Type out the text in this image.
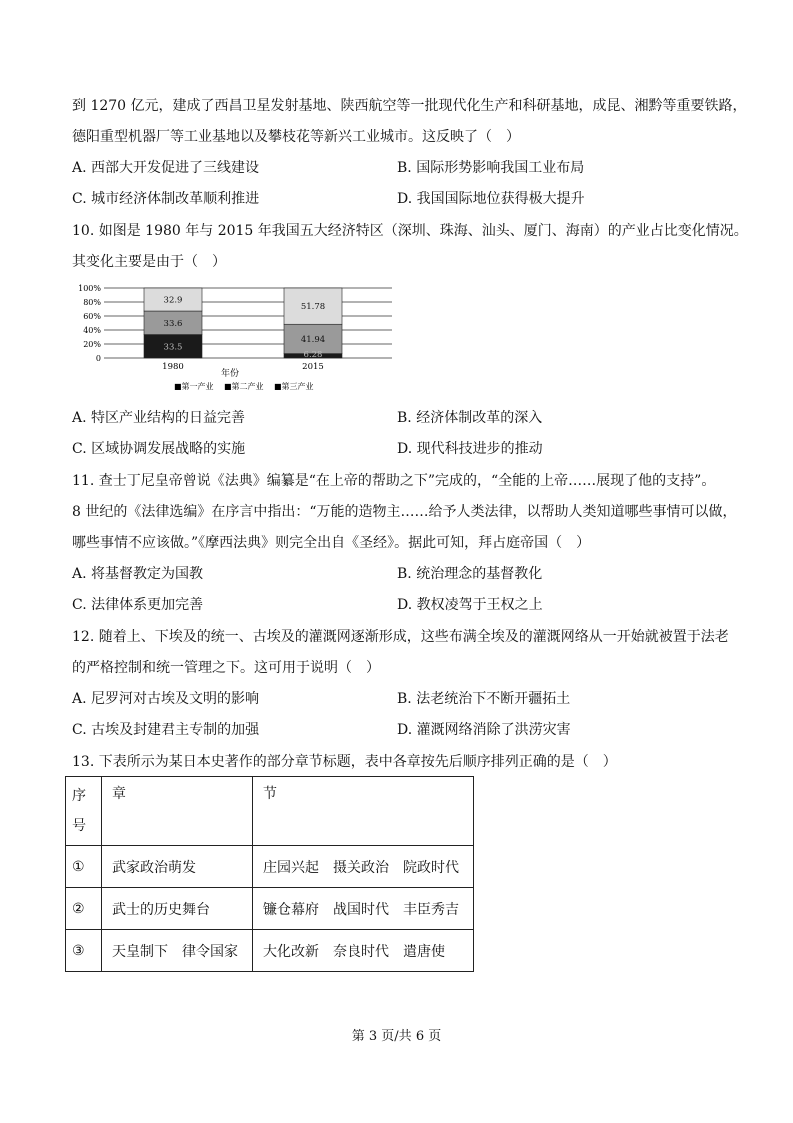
到 1270 亿元，建成了西昌卫星发射基地、陕西航空等一批现代化生产和科研基地，成昆、湘黔等重要铁路，
德阳重型机器厂等工业基地以及攀枝花等新兴工业城市。这反映了（　）
A. 西部大开发促进了三线建设	B. 国际形势影响我国工业布局
C. 城市经济体制改革顺利推进	D. 我国国际地位获得极大提升
10. 如图是 1980 年与 2015 年我国五大经济特区（深圳、珠海、汕头、厦门、海南）的产业占比变化情况。
其变化主要是由于（　）
100%
80%
60%
40%
20%
0
33.5
33.6
32.9
6.28
41.94
51.78
1980	2015
年份
■第一产业 ■第二产业 ■第三产业
A. 特区产业结构的日益完善	B. 经济体制改革的深入
C. 区域协调发展战略的实施	D. 现代科技进步的推动
11. 查士丁尼皇帝曾说《法典》编纂是“在上帝的帮助之下”完成的，“全能的上帝……展现了他的支持”。
8 世纪的《法律选编》在序言中指出：“万能的造物主……给予人类法律，以帮助人类知道哪些事情可以做，
哪些事情不应该做。”《摩西法典》则完全出自《圣经》。据此可知，拜占庭帝国（　）
A. 将基督教定为国教	B. 统治理念的基督教化
C. 法律体系更加完善	D. 教权凌驾于王权之上
12. 随着上、下埃及的统一、古埃及的灌溉网逐渐形成，这些布满全埃及的灌溉网络从一开始就被置于法老
的严格控制和统一管理之下。这可用于说明（　）
A. 尼罗河对古埃及文明的影响	B. 法老统治下不断开疆拓土
C. 古埃及封建君主专制的加强	D. 灌溉网络消除了洪涝灾害
13. 下表所示为某日本史著作的部分章节标题，表中各章按先后顺序排列正确的是（　）
序
号	章	节
①	武家政治萌发	庄园兴起　摄关政治　院政时代
②	武士的历史舞台	镰仓幕府　战国时代　丰臣秀吉
③	天皇制下　律令国家	大化改新　奈良时代　遣唐使
第 3 页/共 6 页
